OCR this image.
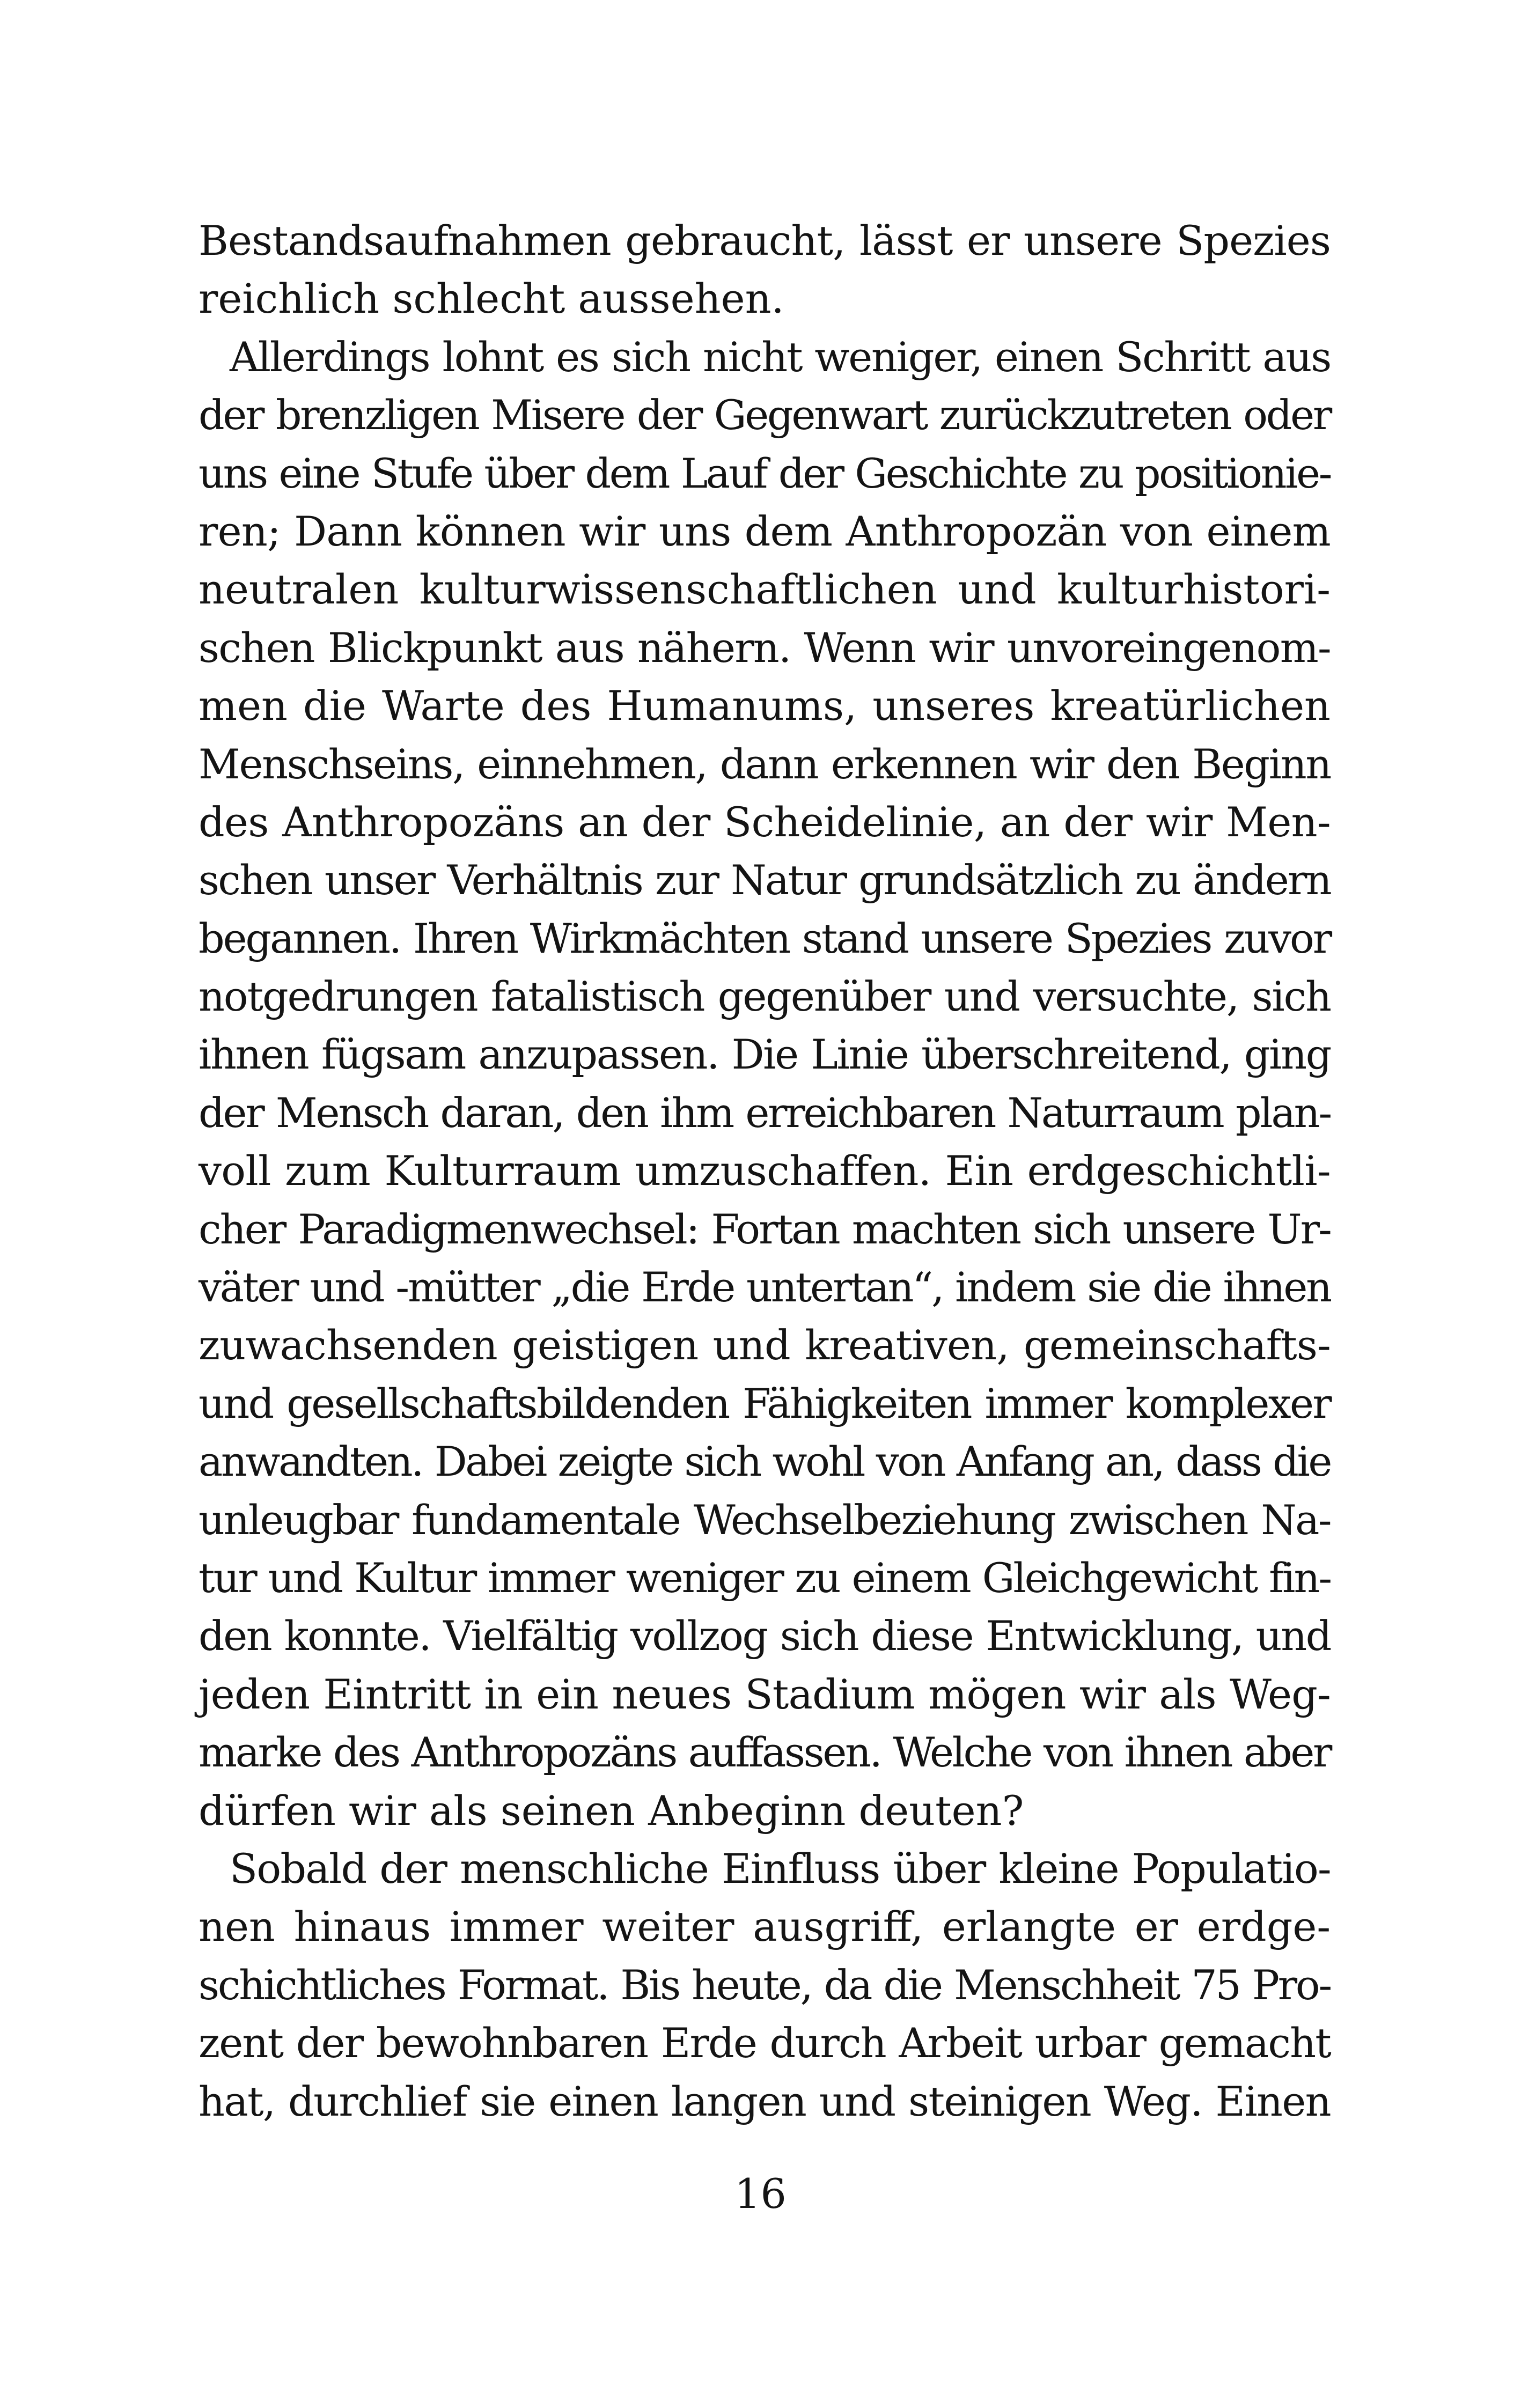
Bestandsaufnahmen gebraucht, lässt er unsere Spezies
reichlich schlecht aussehen.
Allerdings lohnt es sich nicht weniger, einen Schritt aus
der brenzligen Misere der Gegenwart zurückzutreten oder
uns eine Stufe über dem Lauf der Geschichte zu positionie-
ren; Dann können wir uns dem Anthropozän von einem
neutralen kulturwissenschaftlichen und kulturhistori-
schen Blickpunkt aus nähern. Wenn wir unvoreingenom-
men die Warte des Humanums, unseres kreatürlichen
Menschseins, einnehmen, dann erkennen wir den Beginn
des Anthropozäns an der Scheidelinie, an der wir Men-
schen unser Verhältnis zur Natur grundsätzlich zu ändern
begannen. Ihren Wirkmächten stand unsere Spezies zuvor
notgedrungen fatalistisch gegenüber und versuchte, sich
ihnen fügsam anzupassen. Die Linie überschreitend, ging
der Mensch daran, den ihm erreichbaren Naturraum plan-
voll zum Kulturraum umzuschaffen. Ein erdgeschichtli-
cher Paradigmenwechsel: Fortan machten sich unsere Ur-
väter und -mütter „die Erde untertan“, indem sie die ihnen
zuwachsenden geistigen und kreativen, gemeinschafts-
und gesellschaftsbildenden Fähigkeiten immer komplexer
anwandten. Dabei zeigte sich wohl von Anfang an, dass die
unleugbar fundamentale Wechselbeziehung zwischen Na-
tur und Kultur immer weniger zu einem Gleichgewicht fin-
den konnte. Vielfältig vollzog sich diese Entwicklung, und
jeden Eintritt in ein neues Stadium mögen wir als Weg-
marke des Anthropozäns auffassen. Welche von ihnen aber
dürfen wir als seinen Anbeginn deuten?
Sobald der menschliche Einfluss über kleine Populatio-
nen hinaus immer weiter ausgriff, erlangte er erdge-
schichtliches Format. Bis heute, da die Menschheit 75 Pro-
zent der bewohnbaren Erde durch Arbeit urbar gemacht
hat, durchlief sie einen langen und steinigen Weg. Einen
16
